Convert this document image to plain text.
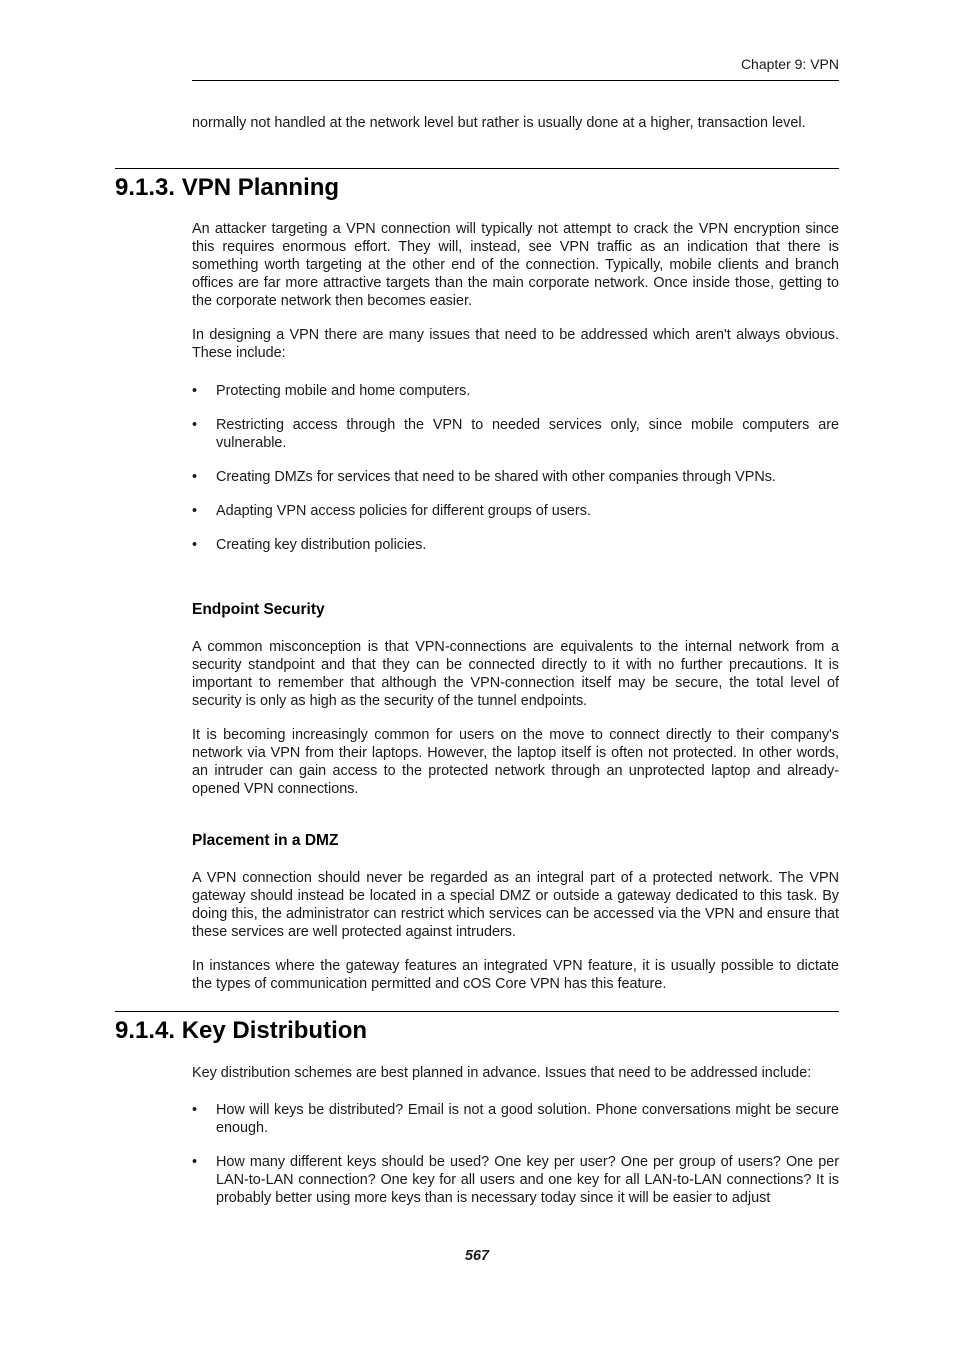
Chapter 9: VPN

normally not handled at the network level but rather is usually done at a higher, transaction level.

9.1.3. VPN Planning

An attacker targeting a VPN connection will typically not attempt to crack the VPN encryption since this requires enormous effort. They will, instead, see VPN traffic as an indication that there is something worth targeting at the other end of the connection. Typically, mobile clients and branch offices are far more attractive targets than the main corporate network. Once inside those, getting to the corporate network then becomes easier.

In designing a VPN there are many issues that need to be addressed which aren't always obvious. These include:

•	Protecting mobile and home computers.
•	Restricting access through the VPN to needed services only, since mobile computers are vulnerable.
•	Creating DMZs for services that need to be shared with other companies through VPNs.
•	Adapting VPN access policies for different groups of users.
•	Creating key distribution policies.
Endpoint Security

A common misconception is that VPN-connections are equivalents to the internal network from a security standpoint and that they can be connected directly to it with no further precautions. It is important to remember that although the VPN-connection itself may be secure, the total level of security is only as high as the security of the tunnel endpoints.

It is becoming increasingly common for users on the move to connect directly to their company's network via VPN from their laptops. However, the laptop itself is often not protected. In other words, an intruder can gain access to the protected network through an unprotected laptop and already-opened VPN connections.

Placement in a DMZ

A VPN connection should never be regarded as an integral part of a protected network. The VPN gateway should instead be located in a special DMZ or outside a gateway dedicated to this task. By doing this, the administrator can restrict which services can be accessed via the VPN and ensure that these services are well protected against intruders.

In instances where the gateway features an integrated VPN feature, it is usually possible to dictate the types of communication permitted and cOS Core VPN has this feature.

9.1.4. Key Distribution

Key distribution schemes are best planned in advance. Issues that need to be addressed include:

•	How will keys be distributed? Email is not a good solution. Phone conversations might be secure enough.
•	How many different keys should be used? One key per user? One per group of users? One per LAN-to-LAN connection? One key for all users and one key for all LAN-to-LAN connections? It is probably better using more keys than is necessary today since it will be easier to adjust
567
